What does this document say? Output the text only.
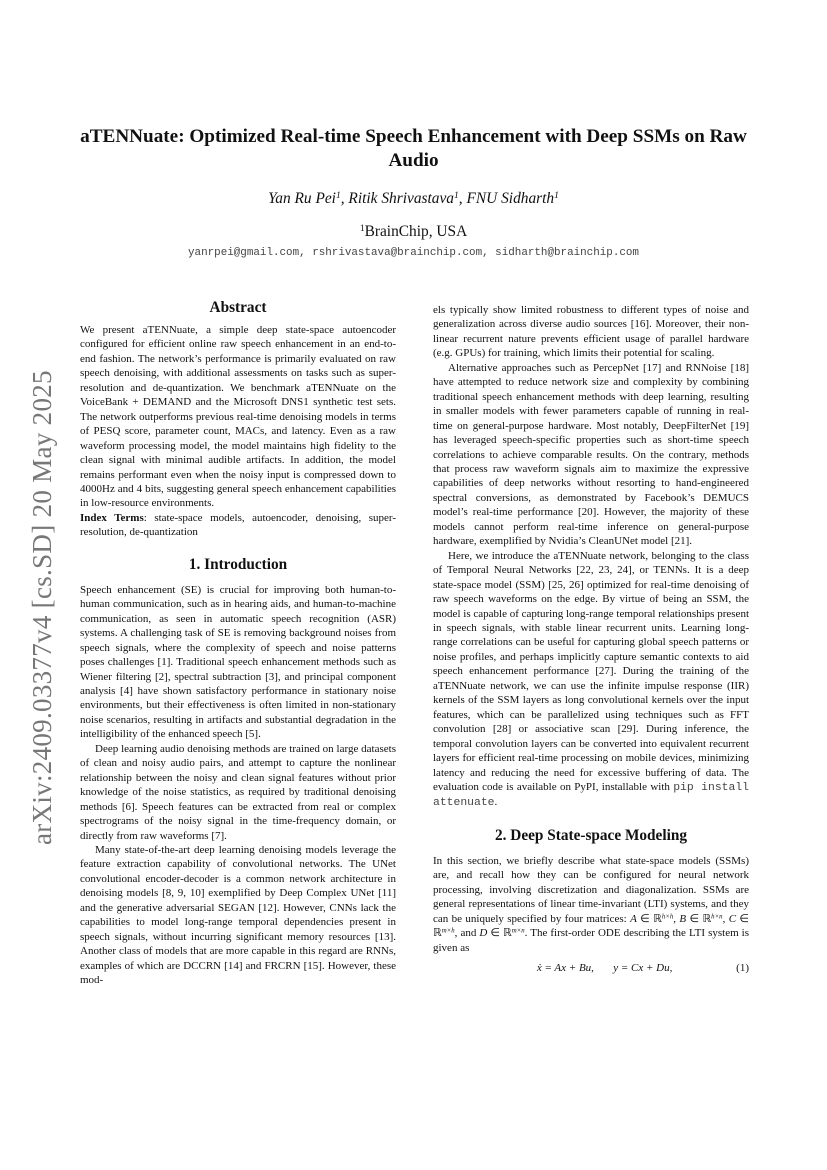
arXiv:2409.03377v4 [cs.SD] 20 May 2025
aTENNuate: Optimized Real-time Speech Enhancement with Deep SSMs on Raw Audio
Yan Ru Pei$^1$, Ritik Shrivastava$^1$, FNU Sidharth$^1$
$^1$BrainChip, USA
yanrpei@gmail.com, rshrivastava@brainchip.com, sidharth@brainchip.com
Abstract

We present aTENNuate, a simple deep state-space autoencoder configured for efficient online raw speech enhancement in an end-to-end fashion. The network’s performance is primarily evaluated on raw speech denoising, with additional assessments on tasks such as super-resolution and de-quantization. We benchmark aTENNuate on the VoiceBank + DEMAND and the Microsoft DNS1 synthetic test sets. The network outperforms previous real-time denoising models in terms of PESQ score, parameter count, MACs, and latency. Even as a raw waveform processing model, the model maintains high fidelity to the clean signal with minimal audible artifacts. In addition, the model remains performant even when the noisy input is compressed down to 4000Hz and 4 bits, suggesting general speech enhancement capabilities in low-resource environments.

Index Terms: state-space models, autoencoder, denoising, super-resolution, de-quantization

1. Introduction

Speech enhancement (SE) is crucial for improving both human-to-human communication, such as in hearing aids, and human-to-machine communication, as seen in automatic speech recognition (ASR) systems. A challenging task of SE is removing background noises from speech signals, where the complexity of speech and noise patterns poses challenges [1]. Traditional speech enhancement methods such as Wiener filtering [2], spectral subtraction [3], and principal component analysis [4] have shown satisfactory performance in stationary noise environments, but their effectiveness is often limited in non-stationary noise scenarios, resulting in artifacts and substantial degradation in the intelligibility of the enhanced speech [5].

Deep learning audio denoising methods are trained on large datasets of clean and noisy audio pairs, and attempt to capture the nonlinear relationship between the noisy and clean signal features without prior knowledge of the noise statistics, as required by traditional denoising methods [6]. Speech features can be extracted from real or complex spectrograms of the noisy signal in the time-frequency domain, or directly from raw waveforms [7].

Many state-of-the-art deep learning denoising models leverage the feature extraction capability of convolutional networks. The UNet convolutional encoder-decoder is a common network architecture in denoising models [8, 9, 10] exemplified by Deep Complex UNet [11] and the generative adversarial SEGAN [12]. However, CNNs lack the capabilities to model long-range temporal dependencies present in speech signals, without incurring significant memory resources [13]. Another class of models that are more capable in this regard are RNNs, examples of which are DCCRN [14] and FRCRN [15]. However, these mod-

els typically show limited robustness to different types of noise and generalization across diverse audio sources [16]. Moreover, their non-linear recurrent nature prevents efficient usage of parallel hardware (e.g. GPUs) for training, which limits their potential for scaling.

Alternative approaches such as PercepNet [17] and RNNoise [18] have attempted to reduce network size and complexity by combining traditional speech enhancement methods with deep learning, resulting in smaller models with fewer parameters capable of running in real-time on general-purpose hardware. Most notably, DeepFilterNet [19] has leveraged speech-specific properties such as short-time speech correlations to achieve comparable results. On the contrary, methods that process raw waveform signals aim to maximize the expressive capabilities of deep networks without resorting to hand-engineered spectral conversions, as demonstrated by Facebook’s DEMUCS model’s real-time performance [20]. However, the majority of these models cannot perform real-time inference on general-purpose hardware, exemplified by Nvidia’s CleanUNet model [21].

Here, we introduce the aTENNuate network, belonging to the class of Temporal Neural Networks [22, 23, 24], or TENNs. It is a deep state-space model (SSM) [25, 26] optimized for real-time denoising of raw speech waveforms on the edge. By virtue of being an SSM, the model is capable of capturing long-range temporal relationships present in speech signals, with stable linear recurrent units. Learning long-range correlations can be useful for capturing global speech patterns or noise profiles, and perhaps implicitly capture semantic contexts to aid speech enhancement performance [27]. During the training of the aTENNuate network, we can use the infinite impulse response (IIR) kernels of the SSM layers as long convolutional kernels over the input features, which can be parallelized using techniques such as FFT convolution [28] or associative scan [29]. During inference, the temporal convolution layers can be converted into equivalent recurrent layers for efficient real-time processing on mobile devices, minimizing latency and reducing the need for excessive buffering of data. The evaluation code is available on PyPI, installable with pip install attenuate.

2. Deep State-space Modeling

In this section, we briefly describe what state-space models (SSMs) are, and recall how they can be configured for neural network processing, involving discretization and diagonalization. SSMs are general representations of linear time-invariant (LTI) systems, and they can be uniquely specified by four matrices: A ∈ ℝ$^{h\times h}$, B ∈ ℝ$^{h\times n}$, C ∈ ℝ$^{m\times h}$, and D ∈ ℝ$^{m\times n}$. The first-order ODE describing the LTI system is given as

ẋ = Ax + Bu, y = Cx + Du,	(1)
